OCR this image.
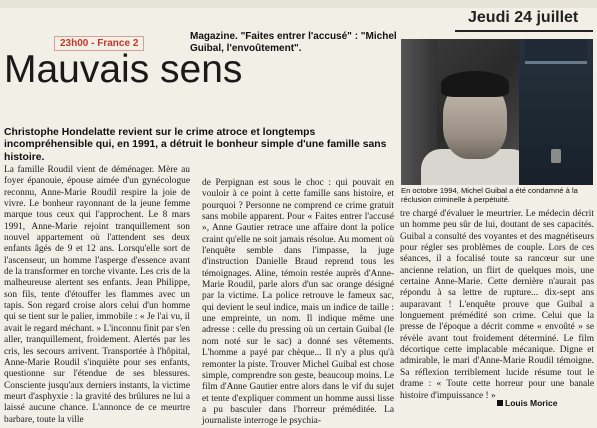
Jeudi 24 juillet
23h00 - France 2
Magazine. "Faites entrer l'accusé" : "Michel Guibal, l'envoûtement".
Mauvais sens
En octobre 1994, Michel Guibal a été condamné à la réclusion criminelle à perpétuité.
Christophe Hondelatte revient sur le crime atroce et longtemps incompréhensible qui, en 1991, a détruit le bonheur simple d'une famille sans histoire.

La famille Roudil vient de déménager. Mère au foyer épanouie, épouse aimée d'un gynécologue reconnu, Anne-Marie Roudil respire la joie de vivre. Le bonheur rayonnant de la jeune femme marque tous ceux qui l'approchent. Le 8 mars 1991, Anne-Marie rejoint tranquillement son nouvel appartement où l'attendent ses deux enfants âgés de 9 et 12 ans. Lorsqu'elle sort de l'ascenseur, un homme l'asperge d'essence avant de la transformer en torche vivante. Les cris de la malheureuse alertent ses enfants. Jean Philippe, son fils, tente d'étouffer les flammes avec un tapis. Son regard croise alors celui d'un homme qui se tient sur le palier, immobile : « Je l'ai vu, il avait le regard méchant. » L'inconnu finit par s'en aller, tranquillement, froidement. Alertés par les cris, les secours arrivent. Transportée à l'hôpital, Anne-Marie Roudil s'inquiète pour ses enfants, questionne sur l'étendue de ses blessures. Consciente jusqu'aux derniers instants, la victime meurt d'asphyxie : la gravité des brûlures ne lui a laissé aucune chance. L'annonce de ce meurtre barbare, toute la ville

de Perpignan est sous le choc : qui pouvait en vouloir à ce point à cette famille sans histoire, et pourquoi ? Personne ne comprend ce crime gratuit sans mobile apparent. Pour « Faites entrer l'accusé », Anne Gautier retrace une affaire dont la police craint qu'elle ne soit jamais résolue. Au moment où l'enquête semble dans l'impasse, la juge d'instruction Danielle Braud reprend tous les témoignages. Aline, témoin restée auprès d'Anne-Marie Roudil, parle alors d'un sac orange désigné par la victime. La police retrouve le fameux sac, qui devient le seul indice, mais un indice de taille : une empreinte, un nom. Il indique même une adresse : celle du pressing où un certain Guibal (le nom noté sur le sac) a donné ses vêtements. L'homme a payé par chèque... Il n'y a plus qu'à remonter la piste. Trouver Michel Guibal est chose simple, comprendre son geste, beaucoup moins. Le film d'Anne Gautier entre alors dans le vif du sujet et tente d'expliquer comment un homme aussi lisse a pu basculer dans l'horreur préméditée. La journaliste interroge le psychia-

tre chargé d'évaluer le meurtrier. Le médecin décrit un homme peu sûr de lui, doutant de ses capacités. Guibal a consulté des voyantes et des magnétiseurs pour régler ses problèmes de couple. Lors de ces séances, il a focalisé toute sa rancœur sur une ancienne relation, un flirt de quelques mois, une certaine Anne-Marie. Cette dernière n'aurait pas répondu à sa lettre de rupture... dix-sept ans auparavant ! L'enquête prouve que Guibal a longuement prémédité son crime. Celui que la presse de l'époque a décrit comme « envoûté » se révèle avant tout froidement déterminé. Le film décortique cette implacable mécanique. Digne et admirable, le mari d'Anne-Marie Roudil témoigne. Sa réflexion terriblement lucide résume tout le drame : « Toute cette horreur pour une banale histoire d'impuissance ! »

Louis Morice
